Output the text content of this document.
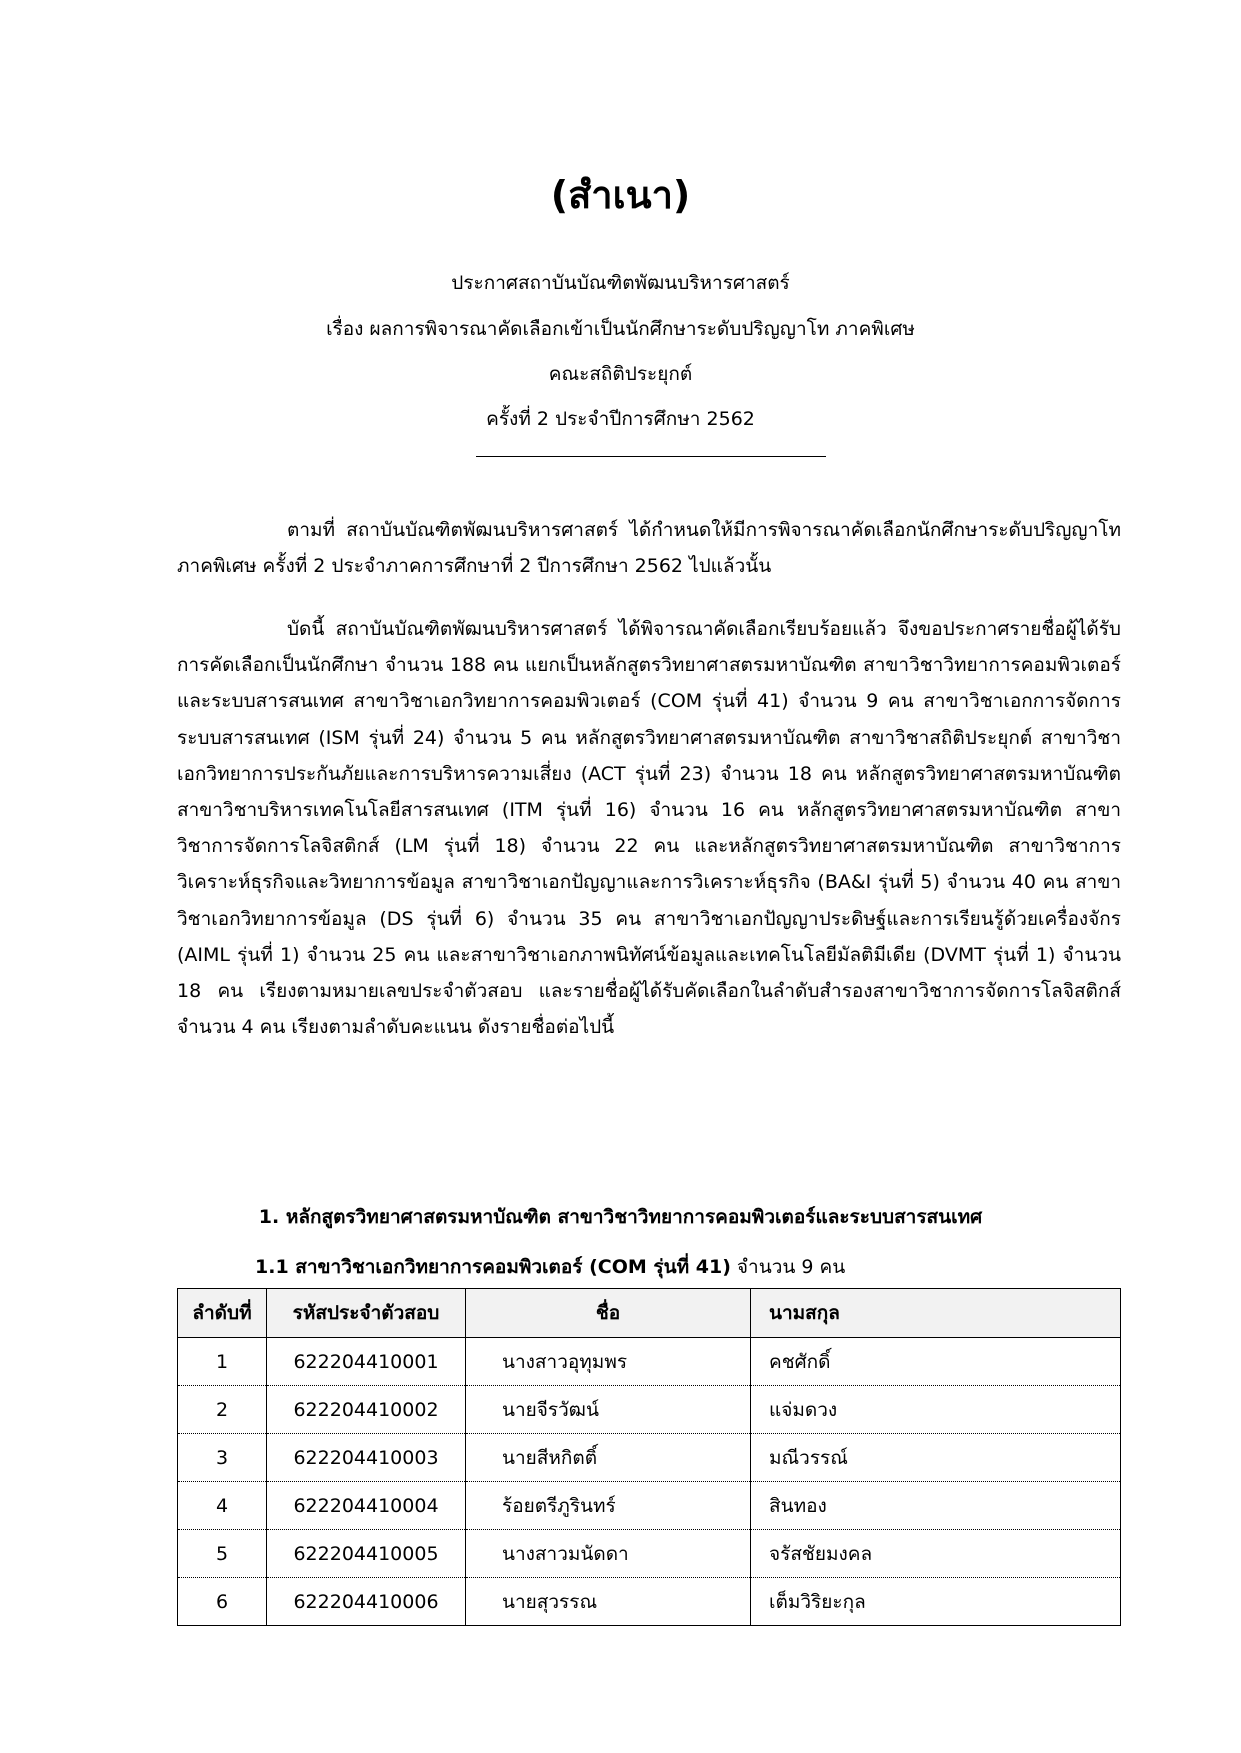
(สำเนา)
ประกาศสถาบันบัณฑิตพัฒนบริหารศาสตร์
เรื่อง ผลการพิจารณาคัดเลือกเข้าเป็นนักศึกษาระดับปริญญาโท ภาคพิเศษ
คณะสถิติประยุกต์
ครั้งที่ 2 ประจำปีการศึกษา 2562
ตามที่ สถาบันบัณฑิตพัฒนบริหารศาสตร์ ได้กำหนดให้มีการพิจารณาคัดเลือกนักศึกษาระดับปริญญาโท ภาคพิเศษ ครั้งที่ 2 ประจำภาคการศึกษาที่ 2 ปีการศึกษา 2562 ไปแล้วนั้น
บัดนี้ สถาบันบัณฑิตพัฒนบริหารศาสตร์ ได้พิจารณาคัดเลือกเรียบร้อยแล้ว จึงขอประกาศรายชื่อผู้ได้รับการคัดเลือกเป็นนักศึกษา จำนวน 188 คน แยกเป็นหลักสูตรวิทยาศาสตรมหาบัณฑิต สาขาวิชาวิทยาการคอมพิวเตอร์และระบบสารสนเทศ สาขาวิชาเอกวิทยาการคอมพิวเตอร์ (COM รุ่นที่ 41) จำนวน 9 คน สาขาวิชาเอกการจัดการระบบสารสนเทศ (ISM รุ่นที่ 24) จำนวน 5 คน หลักสูตรวิทยาศาสตรมหาบัณฑิต สาขาวิชาสถิติประยุกต์ สาขาวิชาเอกวิทยาการประกันภัยและการบริหารความเสี่ยง (ACT รุ่นที่ 23) จำนวน 18 คน หลักสูตรวิทยาศาสตรมหาบัณฑิต สาขาวิชาบริหารเทคโนโลยีสารสนเทศ (ITM รุ่นที่ 16) จำนวน 16 คน หลักสูตรวิทยาศาสตรมหาบัณฑิต สาขาวิชาการจัดการโลจิสติกส์ (LM รุ่นที่ 18) จำนวน 22 คน และหลักสูตรวิทยาศาสตรมหาบัณฑิต สาขาวิชาการวิเคราะห์ธุรกิจและวิทยาการข้อมูล สาขาวิชาเอกปัญญาและการวิเคราะห์ธุรกิจ (BA&I รุ่นที่ 5) จำนวน 40 คน สาขาวิชาเอกวิทยาการข้อมูล (DS รุ่นที่ 6) จำนวน 35 คน สาขาวิชาเอกปัญญาประดิษฐ์และการเรียนรู้ด้วยเครื่องจักร (AIML รุ่นที่ 1) จำนวน 25 คน และสาขาวิชาเอกภาพนิทัศน์ข้อมูลและเทคโนโลยีมัลติมีเดีย (DVMT รุ่นที่ 1) จำนวน 18 คน เรียงตามหมายเลขประจำตัวสอบ และรายชื่อผู้ได้รับคัดเลือกในลำดับสำรองสาขาวิชาการจัดการโลจิสติกส์ จำนวน 4 คน เรียงตามลำดับคะแนน ดังรายชื่อต่อไปนี้
1. หลักสูตรวิทยาศาสตรมหาบัณฑิต สาขาวิชาวิทยาการคอมพิวเตอร์และระบบสารสนเทศ
1.1 สาขาวิชาเอกวิทยาการคอมพิวเตอร์ (COM รุ่นที่ 41) จำนวน 9 คน
ลำดับที่	รหัสประจำตัวสอบ	ชื่อ	นามสกุล
1	622204410001	นางสาวอุทุมพร	คชศักดิ์
2	622204410002	นายจีรวัฒน์	แจ่มดวง
3	622204410003	นายสีหกิตติ์	มณีวรรณ์
4	622204410004	ร้อยตรีภูรินทร์	สินทอง
5	622204410005	นางสาวมนัดดา	จรัสชัยมงคล
6	622204410006	นายสุวรรณ	เต็มวิริยะกุล
